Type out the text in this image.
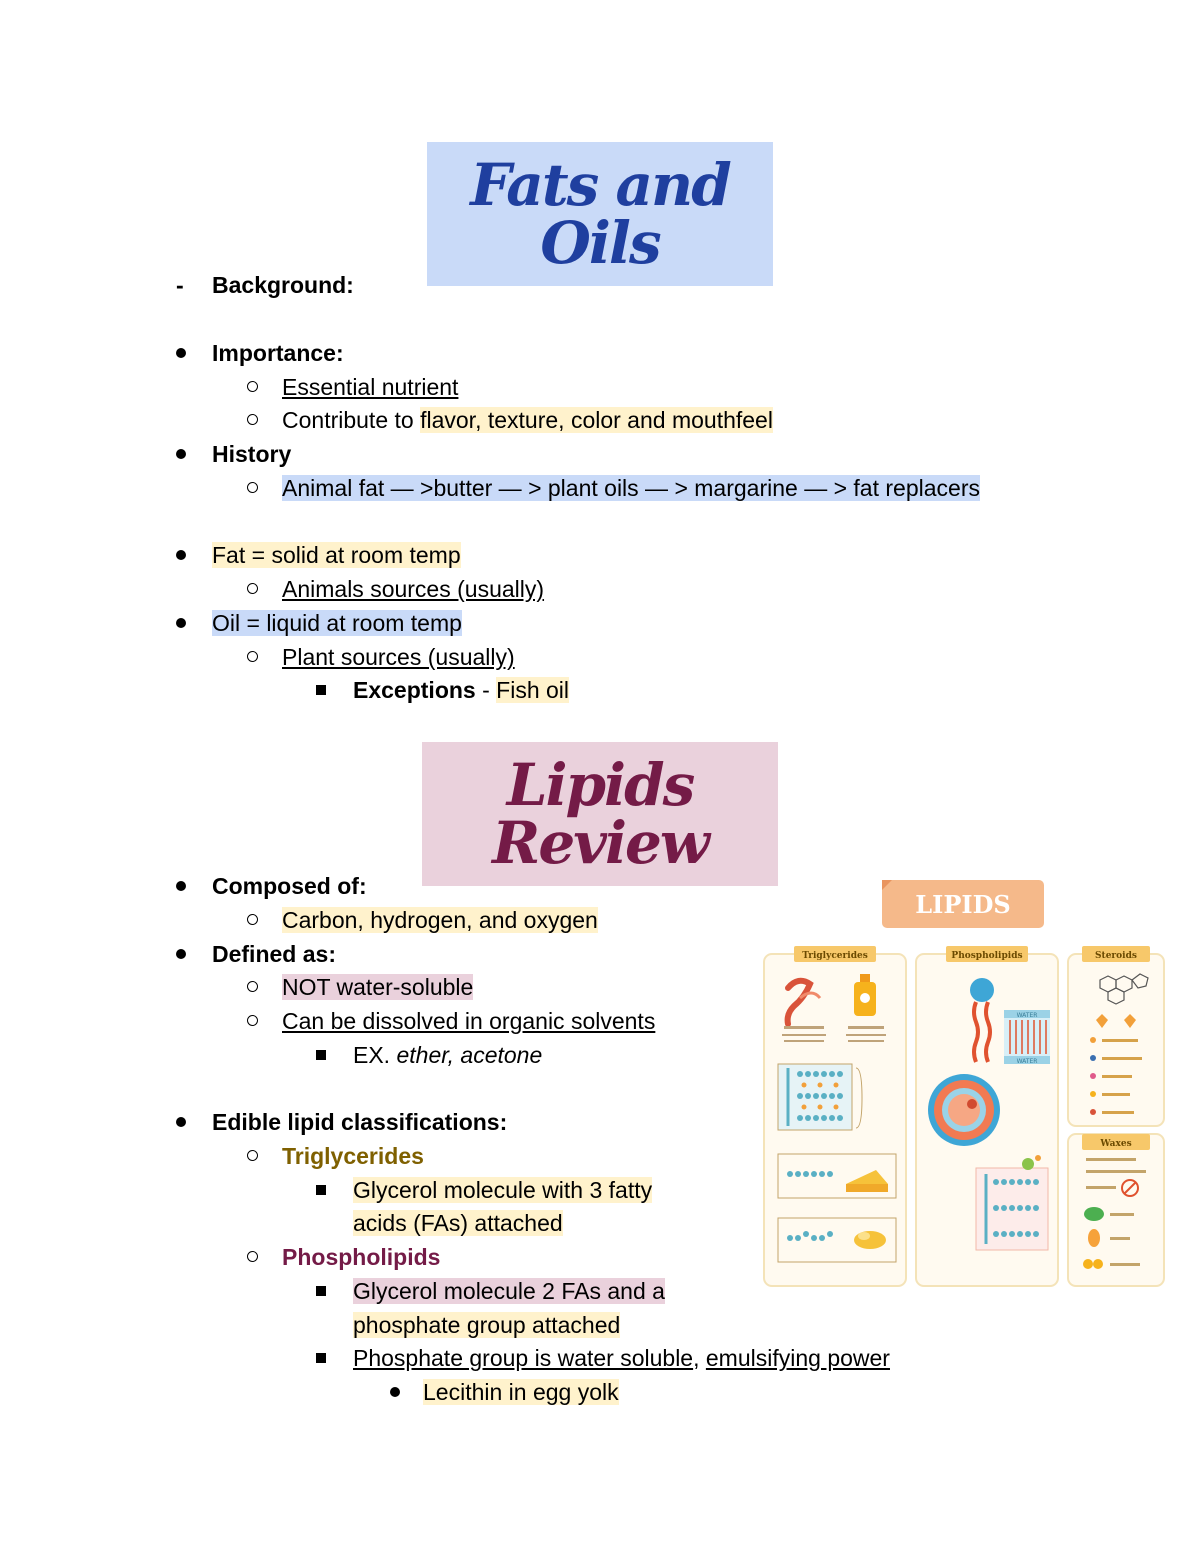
Fats and Oils
-
Background:
Importance:
Essential nutrient
Contribute to flavor, texture, color and mouthfeel
History
Animal fat — >butter — > plant oils — > margarine — > fat replacers
Fat = solid at room temp
Animals sources (usually)
Oil = liquid at room temp
Plant sources (usually)
Exceptions - Fish oil
Lipids Review
Composed of:
Carbon, hydrogen, and oxygen
Defined as:
NOT water-soluble
Can be dissolved in organic solvents
EX. ether, acetone
Edible lipid classifications:
Triglycerides
Glycerol molecule with 3 fatty
acids (FAs) attached
Phospholipids
Glycerol molecule 2 FAs and a
phosphate group attached
Phosphate group is water soluble, emulsifying power
Lecithin in egg yolk
LIPIDS
Triglycerides	Phospholipids	Steroids
Waxes
WATER
WATER
